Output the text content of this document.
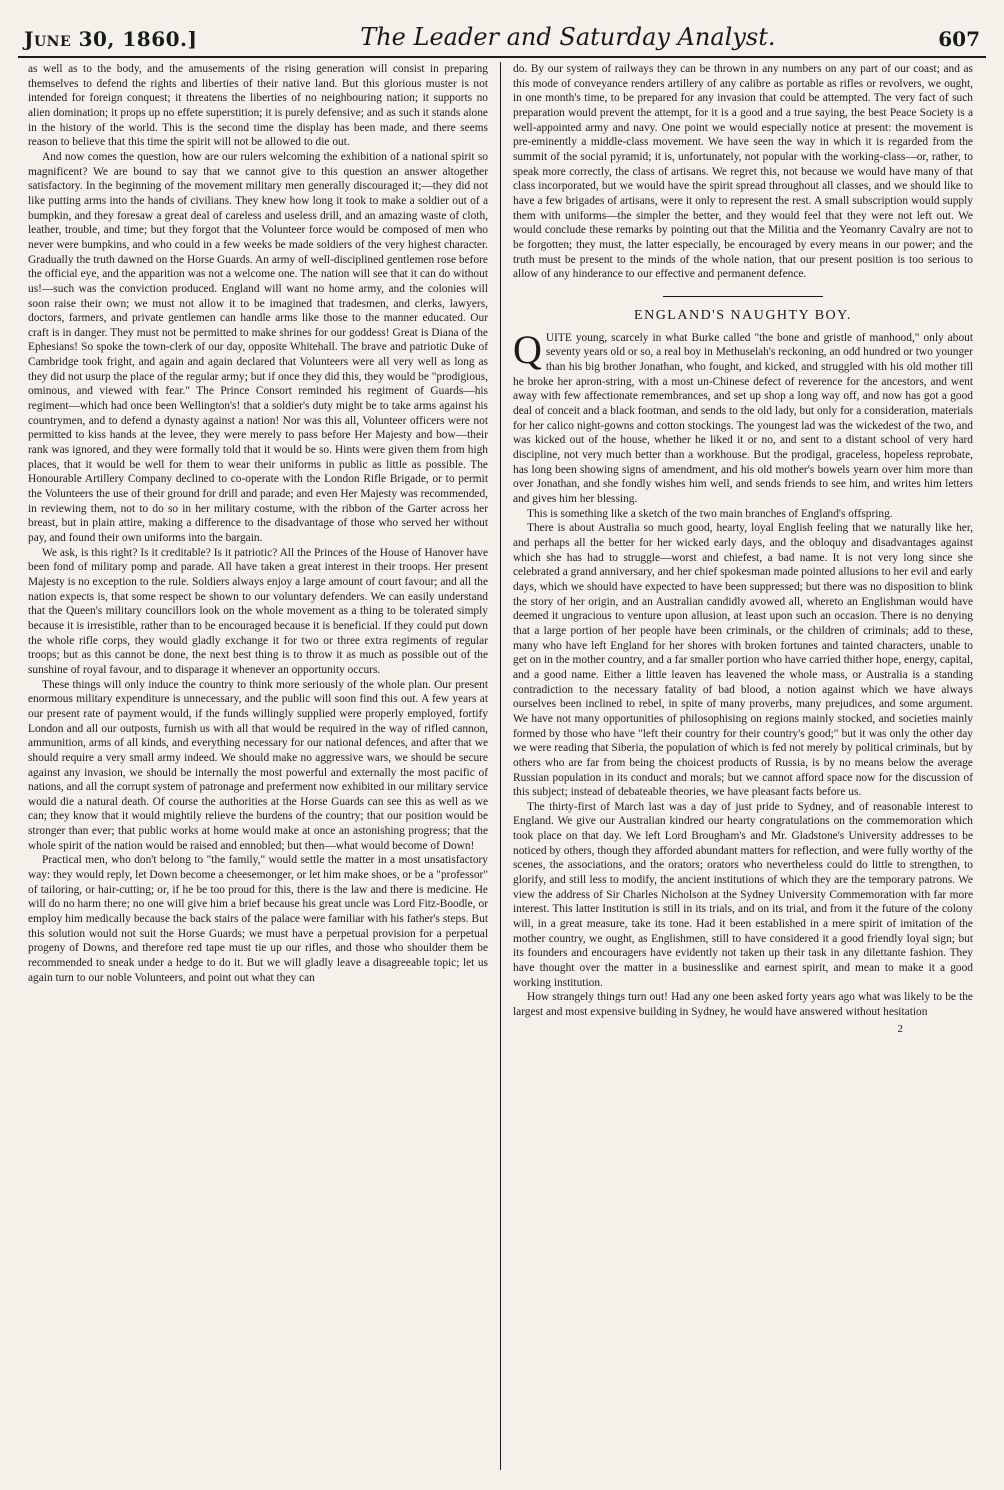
June 30, 1860.]	The Leader and Saturday Analyst.	607

as well as to the body, and the amusements of the rising generation will consist in preparing themselves to defend the rights and liberties of their native land. But this glorious muster is not intended for foreign conquest; it threatens the liberties of no neighbouring nation; it supports no alien domination; it props up no effete superstition; it is purely defensive; and as such it stands alone in the history of the world. This is the second time the display has been made, and there seems reason to believe that this time the spirit will not be allowed to die out.

And now comes the question, how are our rulers welcoming the exhibition of a national spirit so magnificent? We are bound to say that we cannot give to this question an answer altogether satisfactory. In the beginning of the movement military men generally discouraged it;—they did not like putting arms into the hands of civilians. They knew how long it took to make a soldier out of a bumpkin, and they foresaw a great deal of careless and useless drill, and an amazing waste of cloth, leather, trouble, and time; but they forgot that the Volunteer force would be composed of men who never were bumpkins, and who could in a few weeks be made soldiers of the very highest character. Gradually the truth dawned on the Horse Guards. An army of well-disciplined gentlemen rose before the official eye, and the apparition was not a welcome one. The nation will see that it can do without us!—such was the conviction produced. England will want no home army, and the colonies will soon raise their own; we must not allow it to be imagined that tradesmen, and clerks, lawyers, doctors, farmers, and private gentlemen can handle arms like those to the manner educated. Our craft is in danger. They must not be permitted to make shrines for our goddess! Great is Diana of the Ephesians! So spoke the town-clerk of our day, opposite Whitehall. The brave and patriotic Duke of Cambridge took fright, and again and again declared that Volunteers were all very well as long as they did not usurp the place of the regular army; but if once they did this, they would be "prodigious, ominous, and viewed with fear." The Prince Consort reminded his regiment of Guards—his regiment—which had once been Wellington's! that a soldier's duty might be to take arms against his countrymen, and to defend a dynasty against a nation! Nor was this all, Volunteer officers were not permitted to kiss hands at the levee, they were merely to pass before Her Majesty and bow—their rank was ignored, and they were formally told that it would be so. Hints were given them from high places, that it would be well for them to wear their uniforms in public as little as possible. The Honourable Artillery Company declined to co-operate with the London Rifle Brigade, or to permit the Volunteers the use of their ground for drill and parade; and even Her Majesty was recommended, in reviewing them, not to do so in her military costume, with the ribbon of the Garter across her breast, but in plain attire, making a difference to the disadvantage of those who served her without pay, and found their own uniforms into the bargain.

We ask, is this right? Is it creditable? Is it patriotic? All the Princes of the House of Hanover have been fond of military pomp and parade. All have taken a great interest in their troops. Her present Majesty is no exception to the rule. Soldiers always enjoy a large amount of court favour; and all the nation expects is, that some respect be shown to our voluntary defenders. We can easily understand that the Queen's military councillors look on the whole movement as a thing to be tolerated simply because it is irresistible, rather than to be encouraged because it is beneficial. If they could put down the whole rifle corps, they would gladly exchange it for two or three extra regiments of regular troops; but as this cannot be done, the next best thing is to throw it as much as possible out of the sunshine of royal favour, and to disparage it whenever an opportunity occurs.

These things will only induce the country to think more seriously of the whole plan. Our present enormous military expenditure is unnecessary, and the public will soon find this out. A few years at our present rate of payment would, if the funds willingly supplied were properly employed, fortify London and all our outposts, furnish us with all that would be required in the way of rifled cannon, ammunition, arms of all kinds, and everything necessary for our national defences, and after that we should require a very small army indeed. We should make no aggressive wars, we should be secure against any invasion, we should be internally the most powerful and externally the most pacific of nations, and all the corrupt system of patronage and preferment now exhibited in our military service would die a natural death. Of course the authorities at the Horse Guards can see this as well as we can; they know that it would mightily relieve the burdens of the country; that our position would be stronger than ever; that public works at home would make at once an astonishing progress; that the whole spirit of the nation would be raised and ennobled; but then—what would become of Down!

Practical men, who don't belong to "the family," would settle the matter in a most unsatisfactory way: they would reply, let Down become a cheesemonger, or let him make shoes, or be a "professor" of tailoring, or hair-cutting; or, if he be too proud for this, there is the law and there is medicine. He will do no harm there; no one will give him a brief because his great uncle was Lord Fitz-Boodle, or employ him medically because the back stairs of the palace were familiar with his father's steps. But this solution would not suit the Horse Guards; we must have a perpetual provision for a perpetual progeny of Downs, and therefore red tape must tie up our rifles, and those who shoulder them be recommended to sneak under a hedge to do it. But we will gladly leave a disagreeable topic; let us again turn to our noble Volunteers, and point out what they can

do. By our system of railways they can be thrown in any numbers on any part of our coast; and as this mode of conveyance renders artillery of any calibre as portable as rifles or revolvers, we ought, in one month's time, to be prepared for any invasion that could be attempted. The very fact of such preparation would prevent the attempt, for it is a good and a true saying, the best Peace Society is a well-appointed army and navy. One point we would especially notice at present: the movement is pre-eminently a middle-class movement. We have seen the way in which it is regarded from the summit of the social pyramid; it is, unfortunately, not popular with the working-class—or, rather, to speak more correctly, the class of artisans. We regret this, not because we would have many of that class incorporated, but we would have the spirit spread throughout all classes, and we should like to have a few brigades of artisans, were it only to represent the rest. A small subscription would supply them with uniforms—the simpler the better, and they would feel that they were not left out. We would conclude these remarks by pointing out that the Militia and the Yeomanry Cavalry are not to be forgotten; they must, the latter especially, be encouraged by every means in our power; and the truth must be present to the minds of the whole nation, that our present position is too serious to allow of any hinderance to our effective and permanent defence.

ENGLAND'S NAUGHTY BOY.

QUITE young, scarcely in what Burke called "the bone and gristle of manhood," only about seventy years old or so, a real boy in Methuselah's reckoning, an odd hundred or two younger than his big brother Jonathan, who fought, and kicked, and struggled with his old mother till he broke her apron-string, with a most un-Chinese defect of reverence for the ancestors, and went away with few affectionate remembrances, and set up shop a long way off, and now has got a good deal of conceit and a black footman, and sends to the old lady, but only for a consideration, materials for her calico night-gowns and cotton stockings. The youngest lad was the wickedest of the two, and was kicked out of the house, whether he liked it or no, and sent to a distant school of very hard discipline, not very much better than a workhouse. But the prodigal, graceless, hopeless reprobate, has long been showing signs of amendment, and his old mother's bowels yearn over him more than over Jonathan, and she fondly wishes him well, and sends friends to see him, and writes him letters and gives him her blessing.

This is something like a sketch of the two main branches of England's offspring.

There is about Australia so much good, hearty, loyal English feeling that we naturally like her, and perhaps all the better for her wicked early days, and the obloquy and disadvantages against which she has had to struggle—worst and chiefest, a bad name. It is not very long since she celebrated a grand anniversary, and her chief spokesman made pointed allusions to her evil and early days, which we should have expected to have been suppressed; but there was no disposition to blink the story of her origin, and an Australian candidly avowed all, whereto an Englishman would have deemed it ungracious to venture upon allusion, at least upon such an occasion. There is no denying that a large portion of her people have been criminals, or the children of criminals; add to these, many who have left England for her shores with broken fortunes and tainted characters, unable to get on in the mother country, and a far smaller portion who have carried thither hope, energy, capital, and a good name. Either a little leaven has leavened the whole mass, or Australia is a standing contradiction to the necessary fatality of bad blood, a notion against which we have always ourselves been inclined to rebel, in spite of many proverbs, many prejudices, and some argument. We have not many opportunities of philosophising on regions mainly stocked, and societies mainly formed by those who have "left their country for their country's good;" but it was only the other day we were reading that Siberia, the population of which is fed not merely by political criminals, but by others who are far from being the choicest products of Russia, is by no means below the average Russian population in its conduct and morals; but we cannot afford space now for the discussion of this subject; instead of debateable theories, we have pleasant facts before us.

The thirty-first of March last was a day of just pride to Sydney, and of reasonable interest to England. We give our Australian kindred our hearty congratulations on the commemoration which took place on that day. We left Lord Brougham's and Mr. Gladstone's University addresses to be noticed by others, though they afforded abundant matters for reflection, and were fully worthy of the scenes, the associations, and the orators; orators who nevertheless could do little to strengthen, to glorify, and still less to modify, the ancient institutions of which they are the temporary patrons. We view the address of Sir Charles Nicholson at the Sydney University Commemoration with far more interest. This latter Institution is still in its trials, and on its trial, and from it the future of the colony will, in a great measure, take its tone. Had it been established in a mere spirit of imitation of the mother country, we ought, as Englishmen, still to have considered it a good friendly loyal sign; but its founders and encouragers have evidently not taken up their task in any dilettante fashion. They have thought over the matter in a businesslike and earnest spirit, and mean to make it a good working institution.

How strangely things turn out! Had any one been asked forty years ago what was likely to be the largest and most expensive building in Sydney, he would have answered without hesitation

2
